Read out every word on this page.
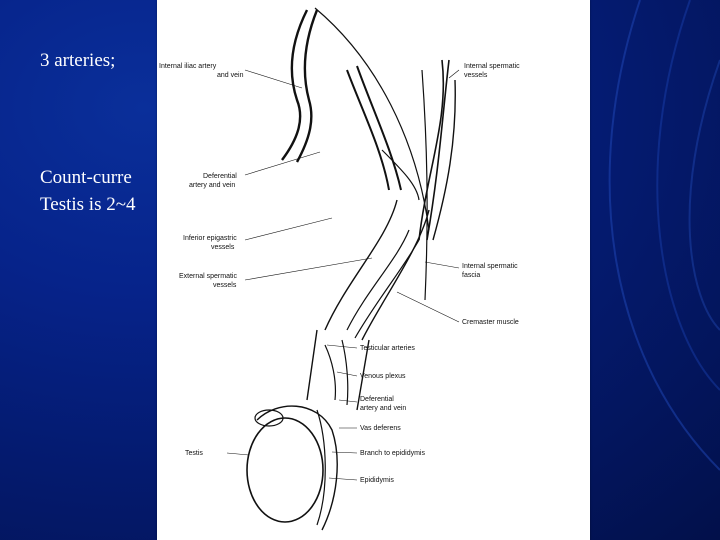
3 arteries;
Count-curre
Testis is 2~4
Internal iliac artery
and vein
Internal spermatic
vessels
Deferential
artery and vein
Inferior epigastric
vessels
External spermatic
vessels
Internal spermatic
fascia
Cremaster muscle
Testicular arteries
Venous plexus
Deferential
artery and vein
Vas deferens
Testis	Branch to epididymis
Epididymis
